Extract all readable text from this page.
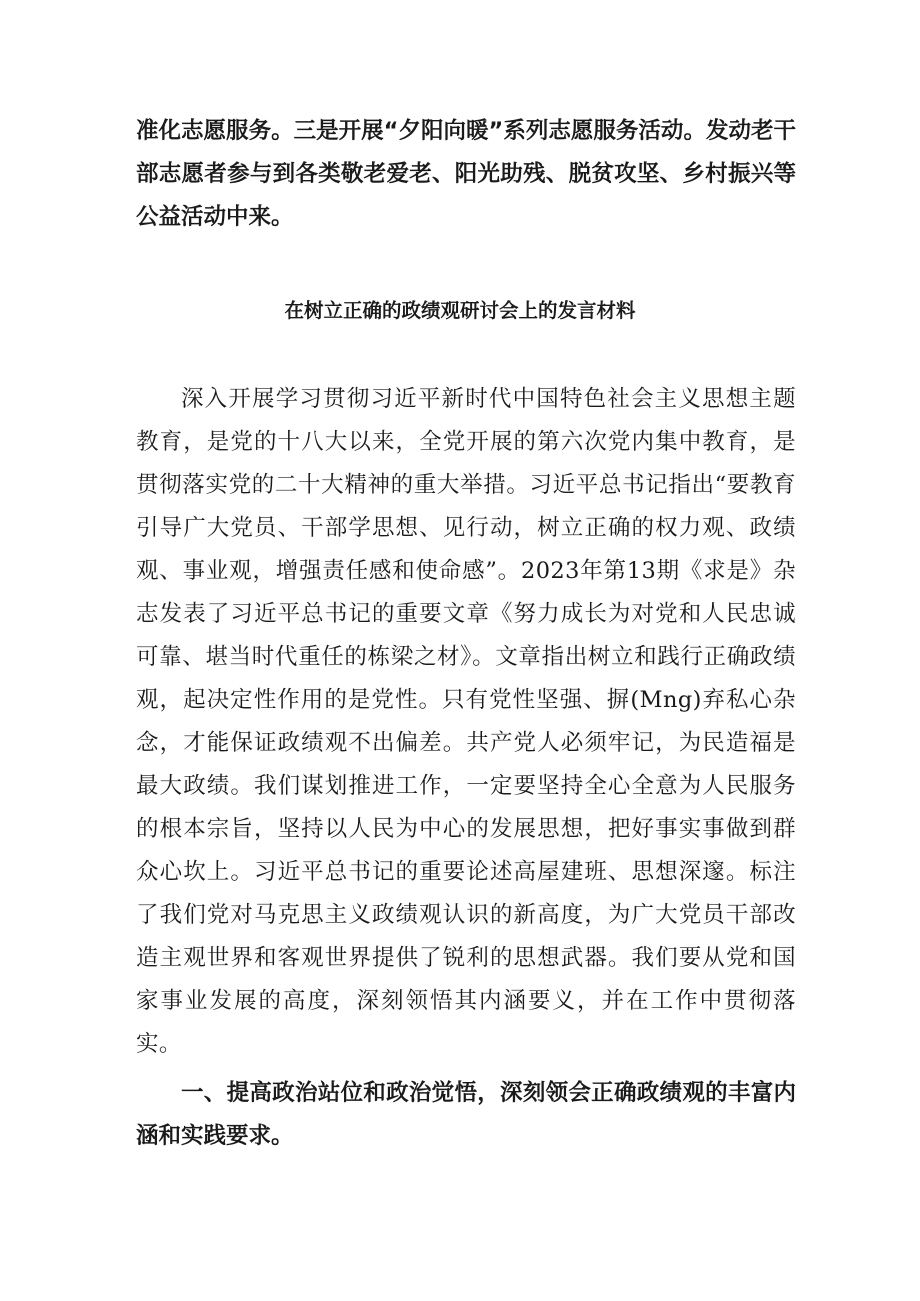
准化志愿服务。三是开展“夕阳向暖”系列志愿服务活动。发动老干部志愿者参与到各类敬老爱老、阳光助残、脱贫攻坚、乡村振兴等公益活动中来。

在树立正确的政绩观研讨会上的发言材料

深入开展学习贯彻习近平新时代中国特色社会主义思想主题教育，是党的十八大以来，全党开展的第六次党内集中教育，是贯彻落实党的二十大精神的重大举措。习近平总书记指出“要教育引导广大党员、干部学思想、见行动，树立正确的权力观、政绩观、事业观，增强责任感和使命感”。2023年第13期《求是》杂志发表了习近平总书记的重要文章《努力成长为对党和人民忠诚可靠、堪当时代重任的栋梁之材》。文章指出树立和践行正确政绩观，起决定性作用的是党性。只有党性坚强、摒(Mng)弃私心杂念，才能保证政绩观不出偏差。共产党人必须牢记，为民造福是最大政绩。我们谋划推进工作，一定要坚持全心全意为人民服务的根本宗旨，坚持以人民为中心的发展思想，把好事实事做到群众心坎上。习近平总书记的重要论述高屋建班、思想深邃。标注了我们党对马克思主义政绩观认识的新高度，为广大党员干部改造主观世界和客观世界提供了锐利的思想武器。我们要从党和国家事业发展的高度，深刻领悟其内涵要义，并在工作中贯彻落实。

一、提高政治站位和政治觉悟，深刻领会正确政绩观的丰富内涵和实践要求。
